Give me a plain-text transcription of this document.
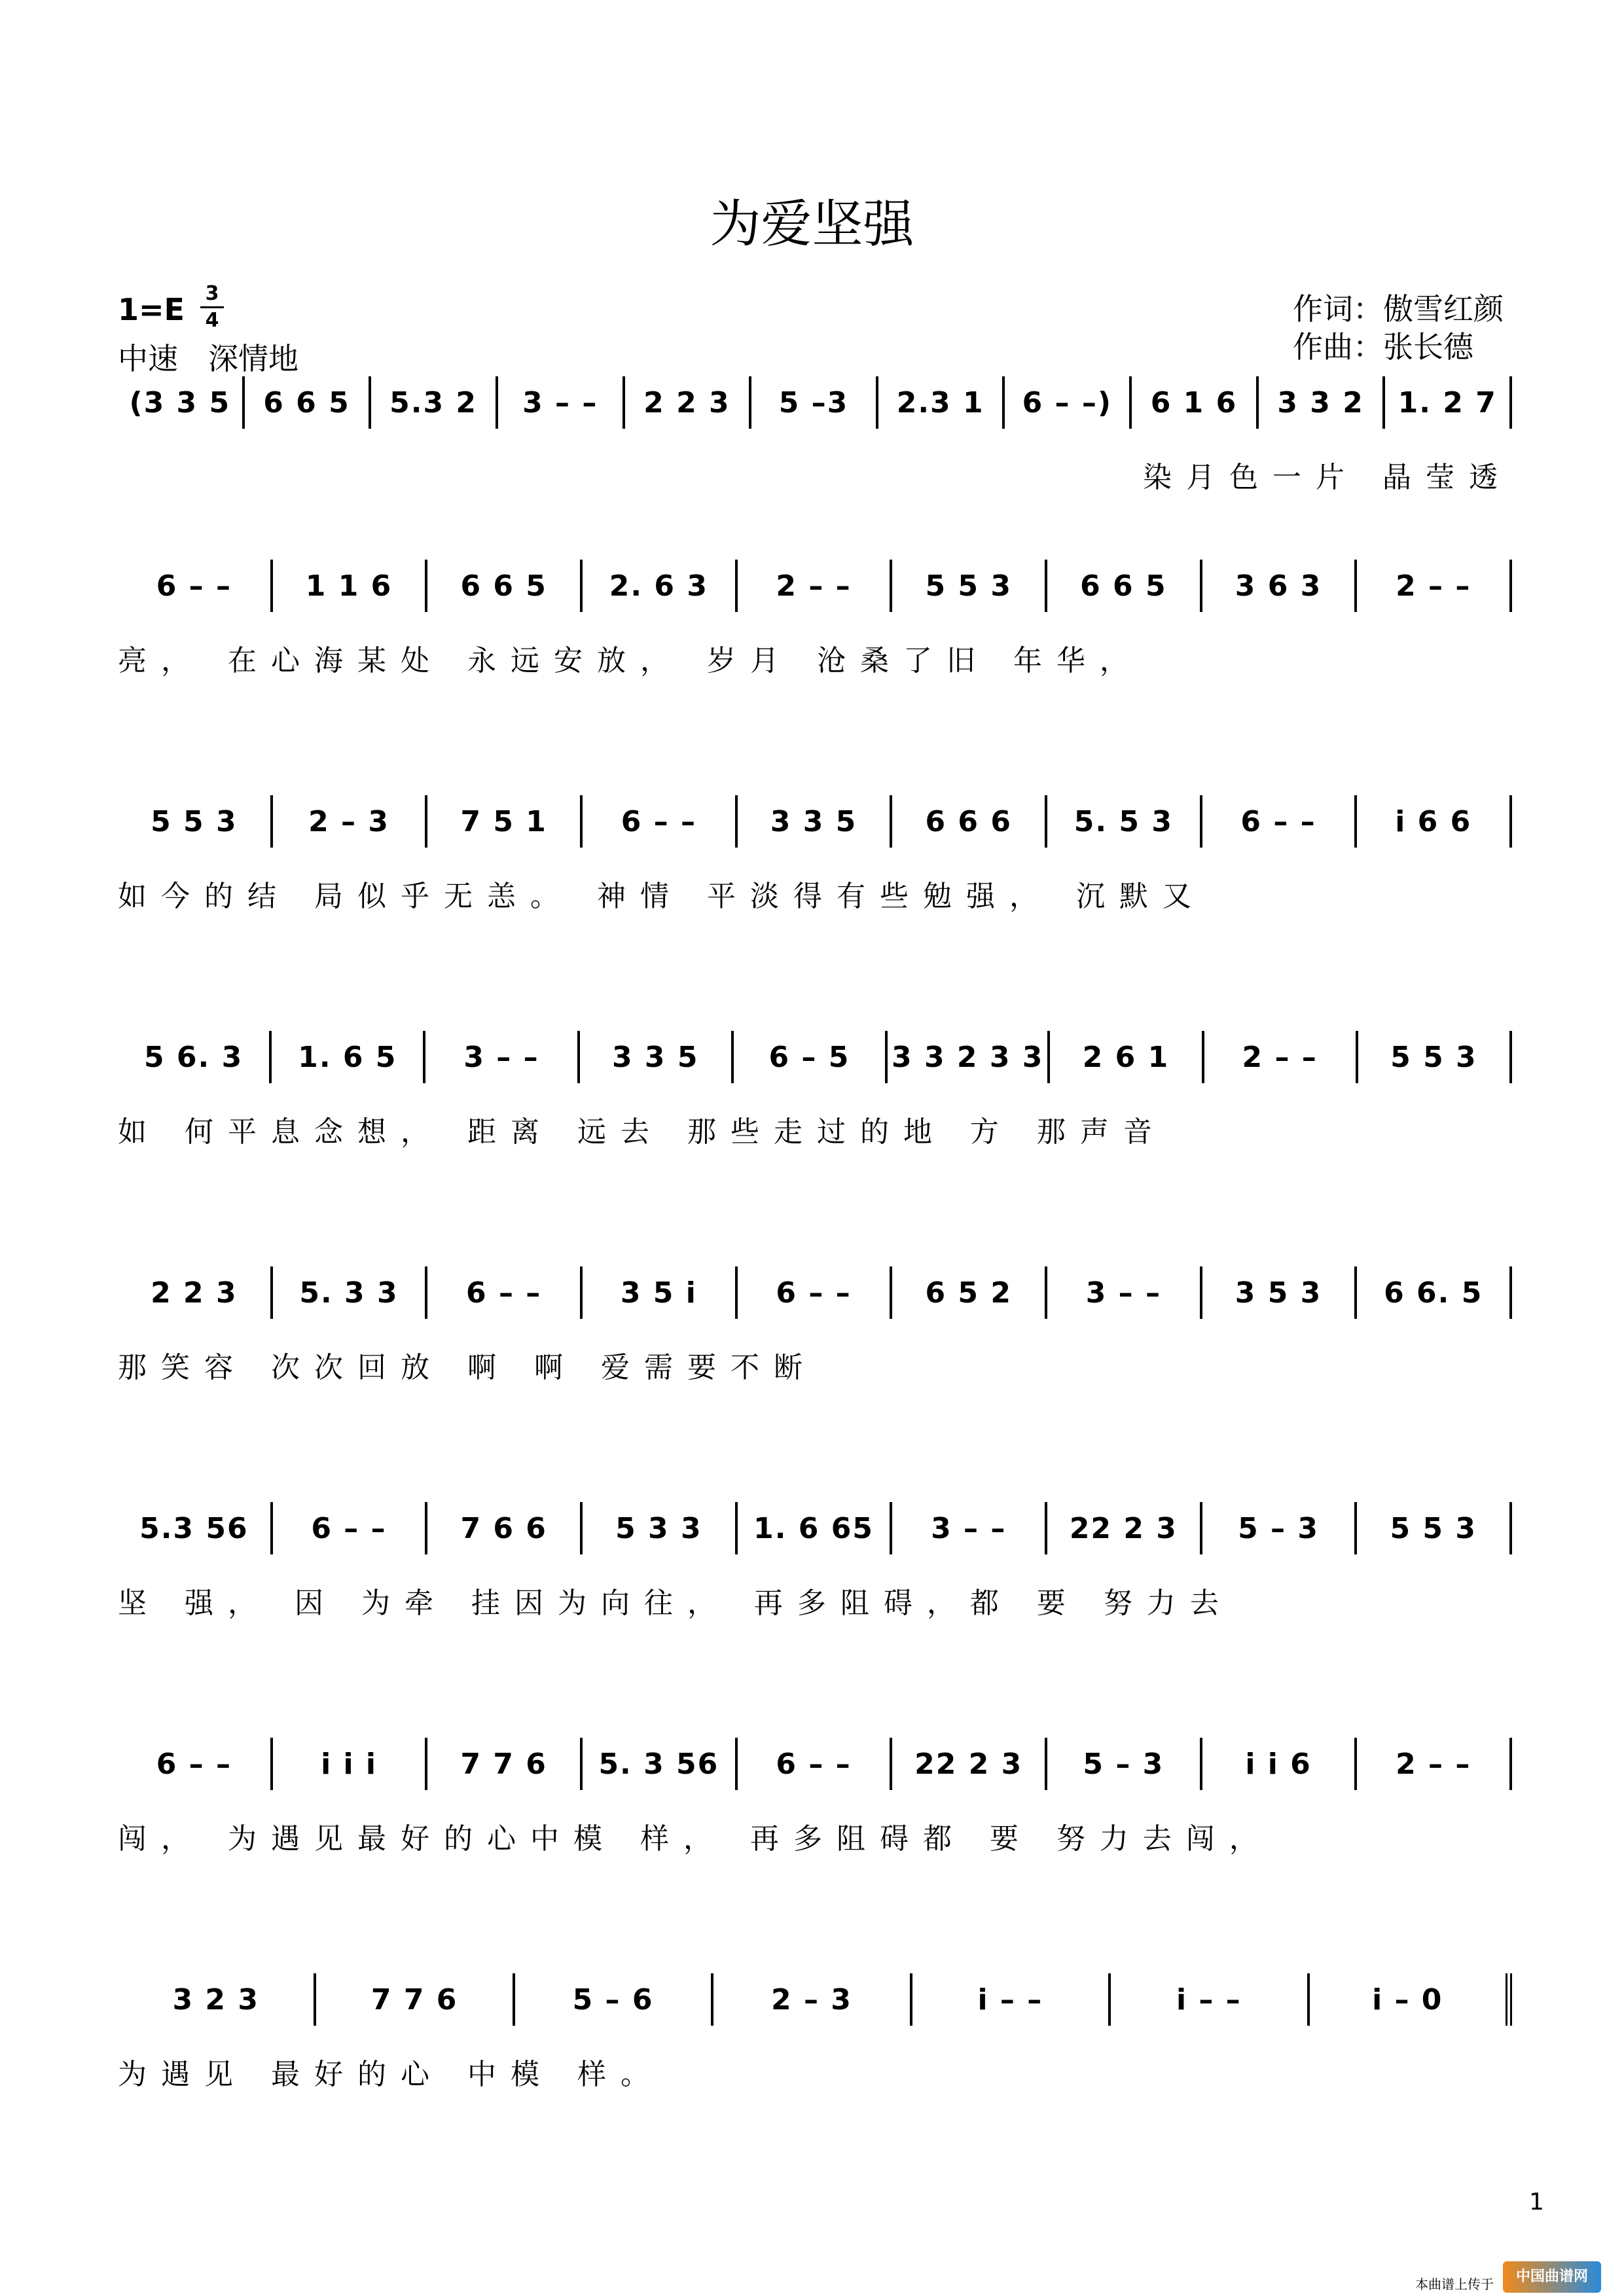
为爱坚强
1=E 3
4
中速　深情地
作词：傲雪红颜
作曲：张长德
(3 3 5	6 6 5	5.3 2	3 – –	2 2 3	5 –3	2.3 1	6 – –)	6 1 6	3 3 2	1. 2 7
染月色一片 晶莹透
6 – –	1 1 6	6 6 5	2. 6 3	2 – –	5 5 3	6 6 5	3 6 3	2 – –
亮， 在心海某处 永远安放， 岁月 沧桑了旧 年华，
5 5 3	2 – 3	7 5 1	6 – –	3 3 5	6 6 6	5. 5 3	6 – –	i 6 6
如今的结 局似乎无恙。 神情 平淡得有些勉强， 沉默又
5 6. 3	1. 6 5	3 – –	3 3 5	6 – 5	3 3 2 3 3	2 6 1	2 – –	5 5 3
如 何平息念想， 距离 远去 那些走过的地 方 那声音
2 2 3	5. 3 3	6 – –	3 5 i	6 – –	6 5 2	3 – –	3 5 3	6 6. 5
那笑容 次次回放 啊 啊 爱需要不断
5.3 56	6 – –	7 6 6	5 3 3	1. 6 65	3 – –	22 2 3	5 – 3	5 5 3
坚 强， 因 为牵 挂因为向往， 再多阻碍，都 要 努力去
6 – –	i i i	7 7 6	5. 3 56	6 – –	22 2 3	5 – 3	i i 6	2 – –
闯， 为遇见最好的心中模 样， 再多阻碍都 要 努力去闯，
3 2 3	7 7 6	5 – 6	2 – 3	i – –	i – –	i – 0
为遇见 最好的心 中模 样。
1
本曲谱上传于	中国曲谱网
